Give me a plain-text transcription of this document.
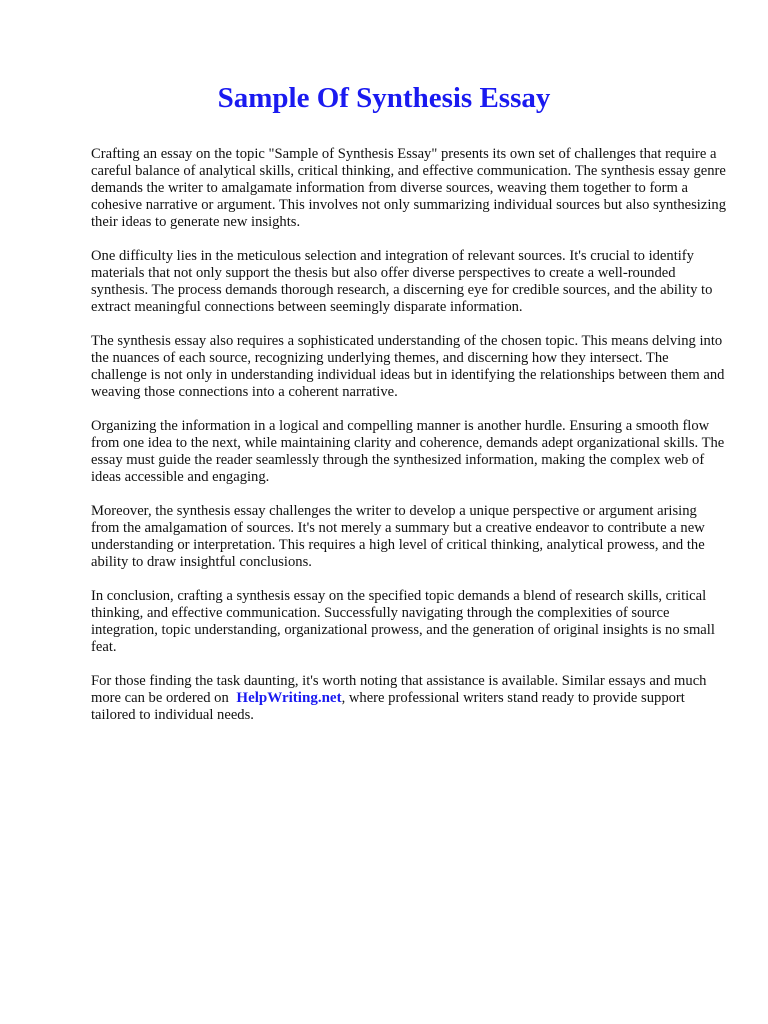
Sample Of Synthesis Essay

Crafting an essay on the topic "Sample of Synthesis Essay" presents its own set of challenges that require a careful balance of analytical skills, critical thinking, and effective communication. The synthesis essay genre demands the writer to amalgamate information from diverse sources, weaving them together to form a cohesive narrative or argument. This involves not only summarizing individual sources but also synthesizing their ideas to generate new insights.

One difficulty lies in the meticulous selection and integration of relevant sources. It's crucial to identify materials that not only support the thesis but also offer diverse perspectives to create a well-rounded synthesis. The process demands thorough research, a discerning eye for credible sources, and the ability to extract meaningful connections between seemingly disparate information.

The synthesis essay also requires a sophisticated understanding of the chosen topic. This means delving into the nuances of each source, recognizing underlying themes, and discerning how they intersect. The challenge is not only in understanding individual ideas but in identifying the relationships between them and weaving those connections into a coherent narrative.

Organizing the information in a logical and compelling manner is another hurdle. Ensuring a smooth flow from one idea to the next, while maintaining clarity and coherence, demands adept organizational skills. The essay must guide the reader seamlessly through the synthesized information, making the complex web of ideas accessible and engaging.

Moreover, the synthesis essay challenges the writer to develop a unique perspective or argument arising from the amalgamation of sources. It's not merely a summary but a creative endeavor to contribute a new understanding or interpretation. This requires a high level of critical thinking, analytical prowess, and the ability to draw insightful conclusions.

In conclusion, crafting a synthesis essay on the specified topic demands a blend of research skills, critical thinking, and effective communication. Successfully navigating through the complexities of source integration, topic understanding, organizational prowess, and the generation of original insights is no small feat.

For those finding the task daunting, it's worth noting that assistance is available. Similar essays and much more can be ordered on HelpWriting.net, where professional writers stand ready to provide support tailored to individual needs.
